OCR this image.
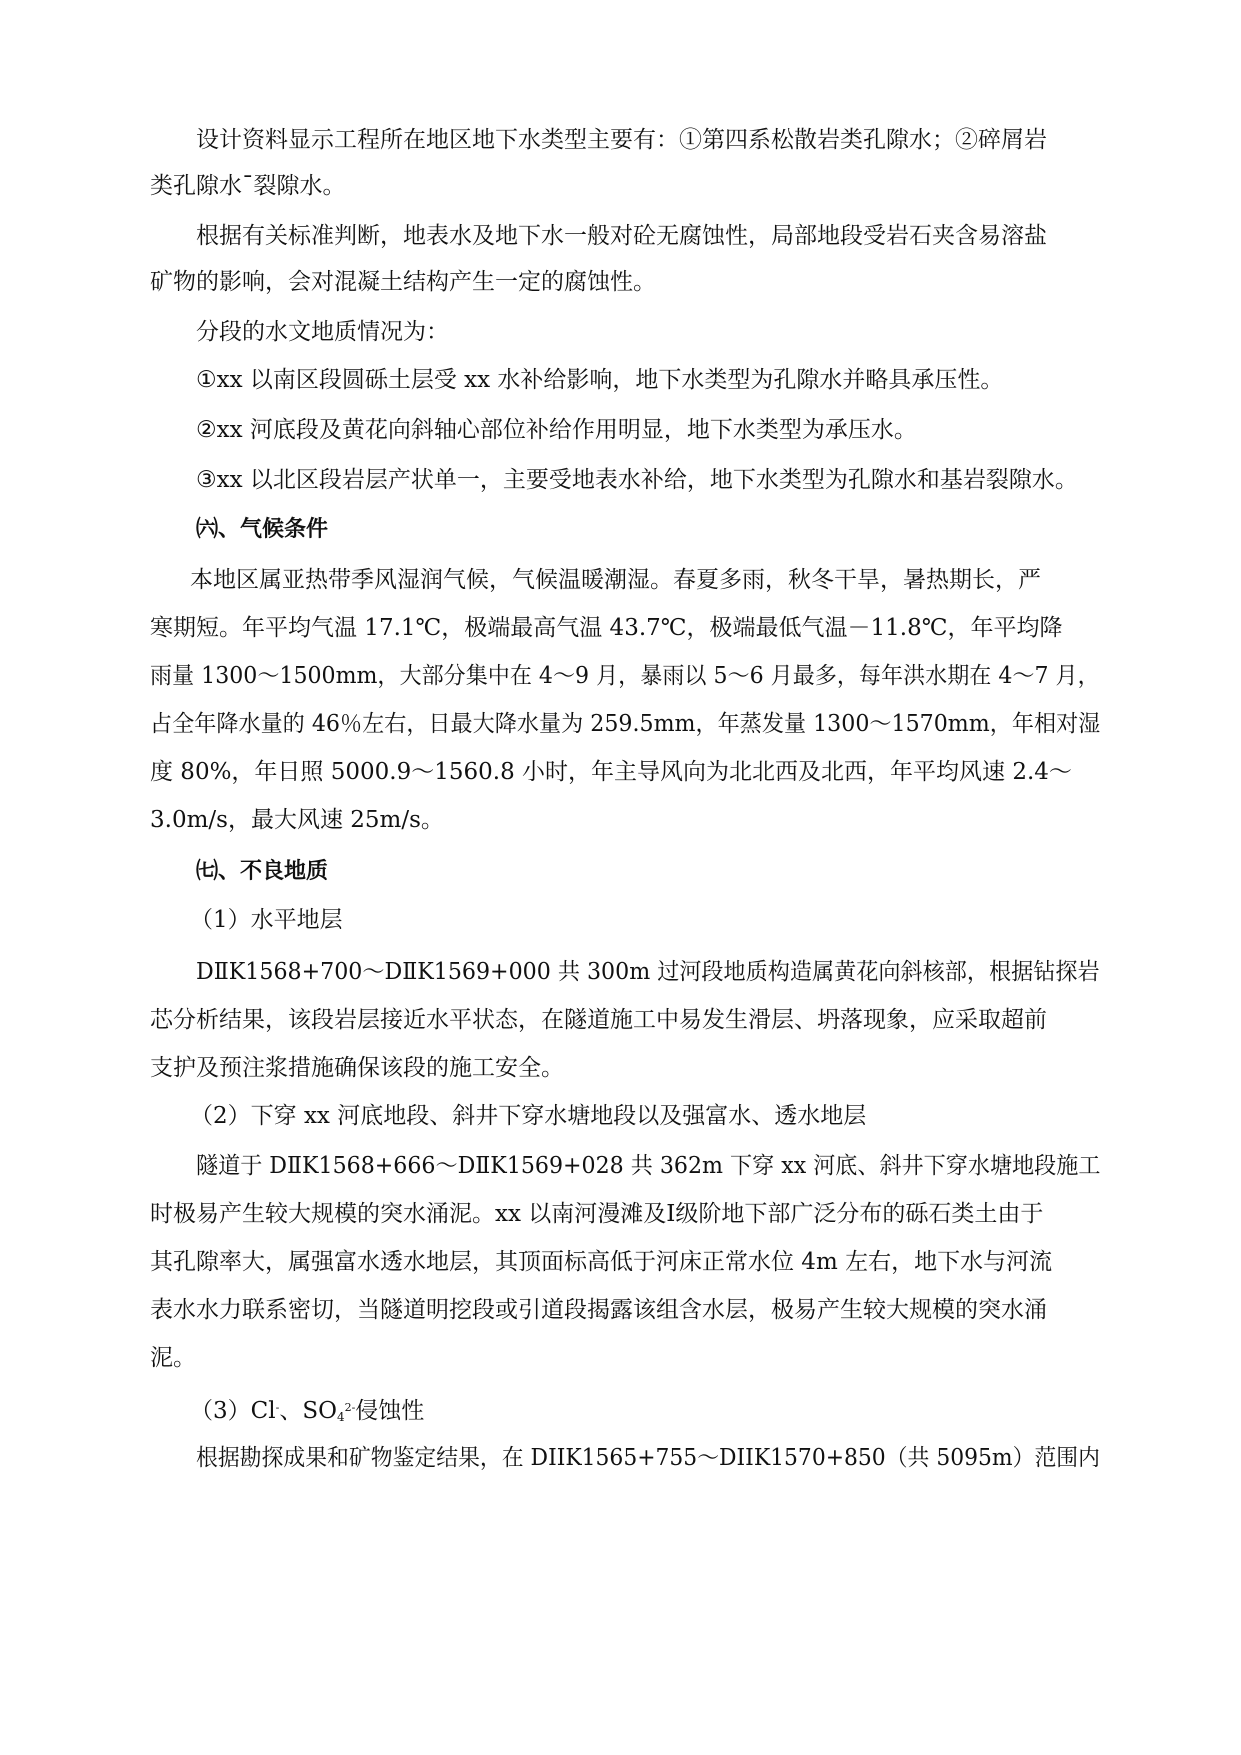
设计资料显示工程所在地区地下水类型主要有：①第四系松散岩类孔隙水；②碎屑岩
类孔隙水¯裂隙水。
根据有关标准判断，地表水及地下水一般对砼无腐蚀性，局部地段受岩石夹含易溶盐
矿物的影响，会对混凝土结构产生一定的腐蚀性。
分段的水文地质情况为：
①xx 以南区段圆砾土层受 xx 水补给影响，地下水类型为孔隙水并略具承压性。
②xx 河底段及黄花向斜轴心部位补给作用明显，地下水类型为承压水。
③xx 以北区段岩层产状单一，主要受地表水补给，地下水类型为孔隙水和基岩裂隙水。
㈥、气候条件
本地区属亚热带季风湿润气候，气候温暖潮湿。春夏多雨，秋冬干旱，暑热期长，严
寒期短。年平均气温 17.1℃，极端最高气温 43.7℃，极端最低气温－11.8℃，年平均降
雨量 1300～1500mm，大部分集中在 4～9 月，暴雨以 5～6 月最多，每年洪水期在 4～7 月，
占全年降水量的 46％左右，日最大降水量为 259.5mm，年蒸发量 1300～1570mm，年相对湿
度 80%，年日照 5000.9～1560.8 小时，年主导风向为北北西及北西，年平均风速 2.4～
3.0m/s，最大风速 25m/s。
㈦、不良地质
（1）水平地层
DⅡK1568+700～DⅡK1569+000 共 300m 过河段地质构造属黄花向斜核部，根据钻探岩
芯分析结果，该段岩层接近水平状态，在隧道施工中易发生滑层、坍落现象，应采取超前
支护及预注浆措施确保该段的施工安全。
（2）下穿 xx 河底地段、斜井下穿水塘地段以及强富水、透水地层
隧道于 DⅡK1568+666～DⅡK1569+028 共 362m 下穿 xx 河底、斜井下穿水塘地段施工
时极易产生较大规模的突水涌泥。xx 以南河漫滩及Ⅰ级阶地下部广泛分布的砾石类土由于
其孔隙率大，属强富水透水地层，其顶面标高低于河床正常水位 4m 左右，地下水与河流
表水水力联系密切，当隧道明挖段或引道段揭露该组含水层，极易产生较大规模的突水涌
泥。
（3）Cl-、$SO_4^{2-}$侵蚀性
根据勘探成果和矿物鉴定结果，在 DIIK1565+755～DIIK1570+850（共 5095m）范围内
